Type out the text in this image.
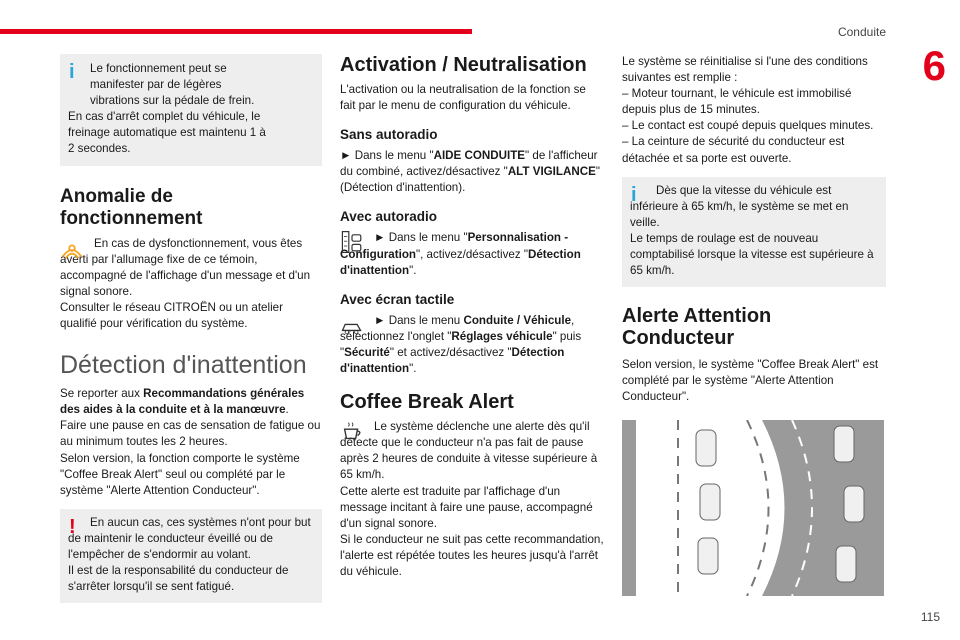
Conduite
6
115
i	Le fonctionnement peut se manifester par de légères vibrations sur la pédale de frein.

En cas d'arrêt complet du véhicule, le freinage automatique est maintenu 1 à 2 secondes.

Anomalie de fonctionnement

En cas de dysfonctionnement, vous êtes averti par l'allumage fixe de ce témoin, accompagné de l'affichage d'un message et d'un signal sonore.

Consulter le réseau CITROËN ou un atelier qualifié pour vérification du système.

Détection d'inattention

Se reporter aux Recommandations générales des aides à la conduite et à la manœuvre.

Faire une pause en cas de sensation de fatigue ou au minimum toutes les 2 heures.

Selon version, la fonction comporte le système "Coffee Break Alert" seul ou complété par le système "Alerte Attention Conducteur".

!	En aucun cas, ces systèmes n'ont pour but de maintenir le conducteur éveillé ou de l'empêcher de s'endormir au volant.

Il est de la responsabilité du conducteur de s'arrêter lorsqu'il se sent fatigué.

Activation / Neutralisation

L'activation ou la neutralisation de la fonction se fait par le menu de configuration du véhicule.

Sans autoradio

► Dans le menu "AIDE CONDUITE" de l'afficheur du combiné, activez/désactivez "ALT VIGILANCE" (Détection d'inattention).

Avec autoradio

► Dans le menu "Personnalisation - Configuration", activez/désactivez "Détection d'inattention".

Avec écran tactile

► Dans le menu Conduite / Véhicule, sélectionnez l'onglet "Réglages véhicule" puis "Sécurité" et activez/désactivez "Détection d'inattention".

Coffee Break Alert

Le système déclenche une alerte dès qu'il détecte que le conducteur n'a pas fait de pause après 2 heures de conduite à vitesse supérieure à 65 km/h.

Cette alerte est traduite par l'affichage d'un message incitant à faire une pause, accompagné d'un signal sonore.

Si le conducteur ne suit pas cette recommandation, l'alerte est répétée toutes les heures jusqu'à l'arrêt du véhicule.

Le système se réinitialise si l'une des conditions suivantes est remplie :

– Moteur tournant, le véhicule est immobilisé depuis plus de 15 minutes.

– Le contact est coupé depuis quelques minutes.

– La ceinture de sécurité du conducteur est détachée et sa porte est ouverte.

i	Dès que la vitesse du véhicule est inférieure à 65 km/h, le système se met en veille.

Le temps de roulage est de nouveau comptabilisé lorsque la vitesse est supérieure à 65 km/h.

Alerte Attention Conducteur

Selon version, le système "Coffee Break Alert" est complété par le système "Alerte Attention Conducteur".
